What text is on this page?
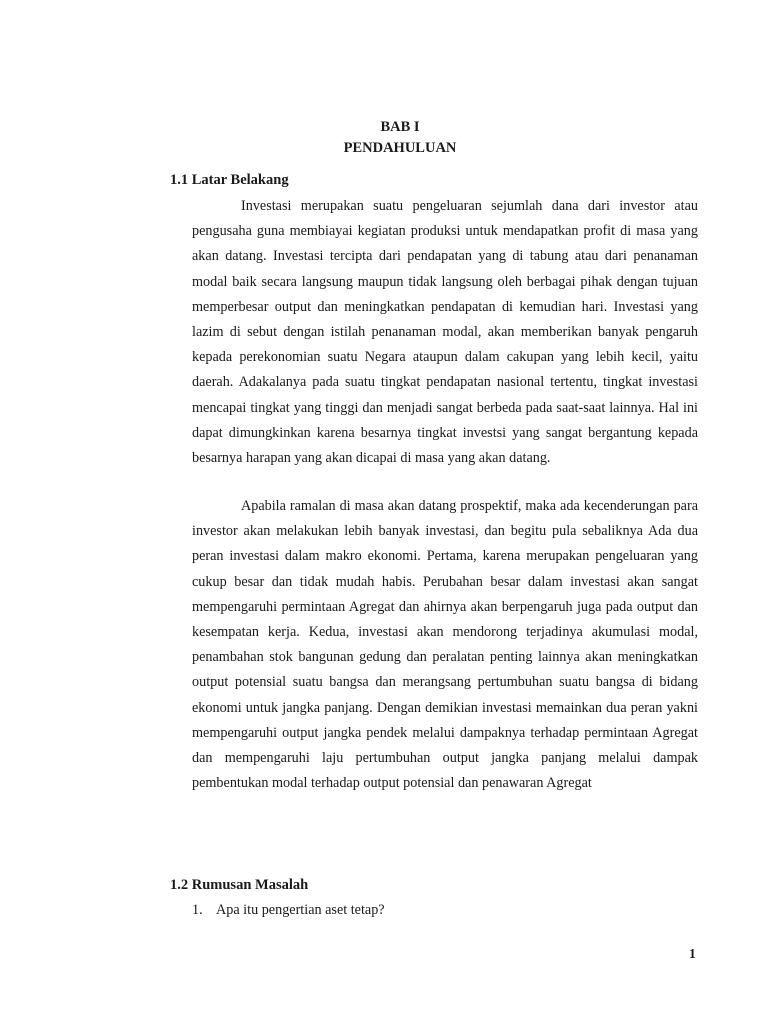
BAB I
PENDAHULUAN
1.1 Latar Belakang

Investasi merupakan suatu pengeluaran sejumlah dana dari investor atau pengusaha guna membiayai kegiatan produksi untuk mendapatkan profit di masa yang akan datang. Investasi tercipta dari pendapatan yang di tabung atau dari penanaman modal baik secara langsung maupun tidak langsung oleh berbagai pihak dengan tujuan memperbesar output dan meningkatkan pendapatan di kemudian hari. Investasi yang lazim di sebut dengan istilah penanaman modal, akan memberikan banyak pengaruh kepada perekonomian suatu Negara ataupun dalam cakupan yang lebih kecil, yaitu daerah. Adakalanya pada suatu tingkat pendapatan nasional tertentu, tingkat investasi mencapai tingkat yang tinggi dan menjadi sangat berbeda pada saat-saat lainnya. Hal ini dapat dimungkinkan karena besarnya tingkat investsi yang sangat bergantung kepada besarnya harapan yang akan dicapai di masa yang akan datang.

Apabila ramalan di masa akan datang prospektif, maka ada kecenderungan para investor akan melakukan lebih banyak investasi, dan begitu pula sebaliknya Ada dua peran investasi dalam makro ekonomi. Pertama, karena merupakan pengeluaran yang cukup besar dan tidak mudah habis. Perubahan besar dalam investasi akan sangat mempengaruhi permintaan Agregat dan ahirnya akan berpengaruh juga pada output dan kesempatan kerja. Kedua, investasi akan mendorong terjadinya akumulasi modal, penambahan stok bangunan gedung dan peralatan penting lainnya akan meningkatkan output potensial suatu bangsa dan merangsang pertumbuhan suatu bangsa di bidang ekonomi untuk jangka panjang. Dengan demikian investasi memainkan dua peran yakni mempengaruhi output jangka pendek melalui dampaknya terhadap permintaan Agregat dan mempengaruhi laju pertumbuhan output jangka panjang melalui dampak pembentukan modal terhadap output potensial dan penawaran Agregat

1.2 Rumusan Masalah
1. Apa itu pengertian aset tetap?
1
